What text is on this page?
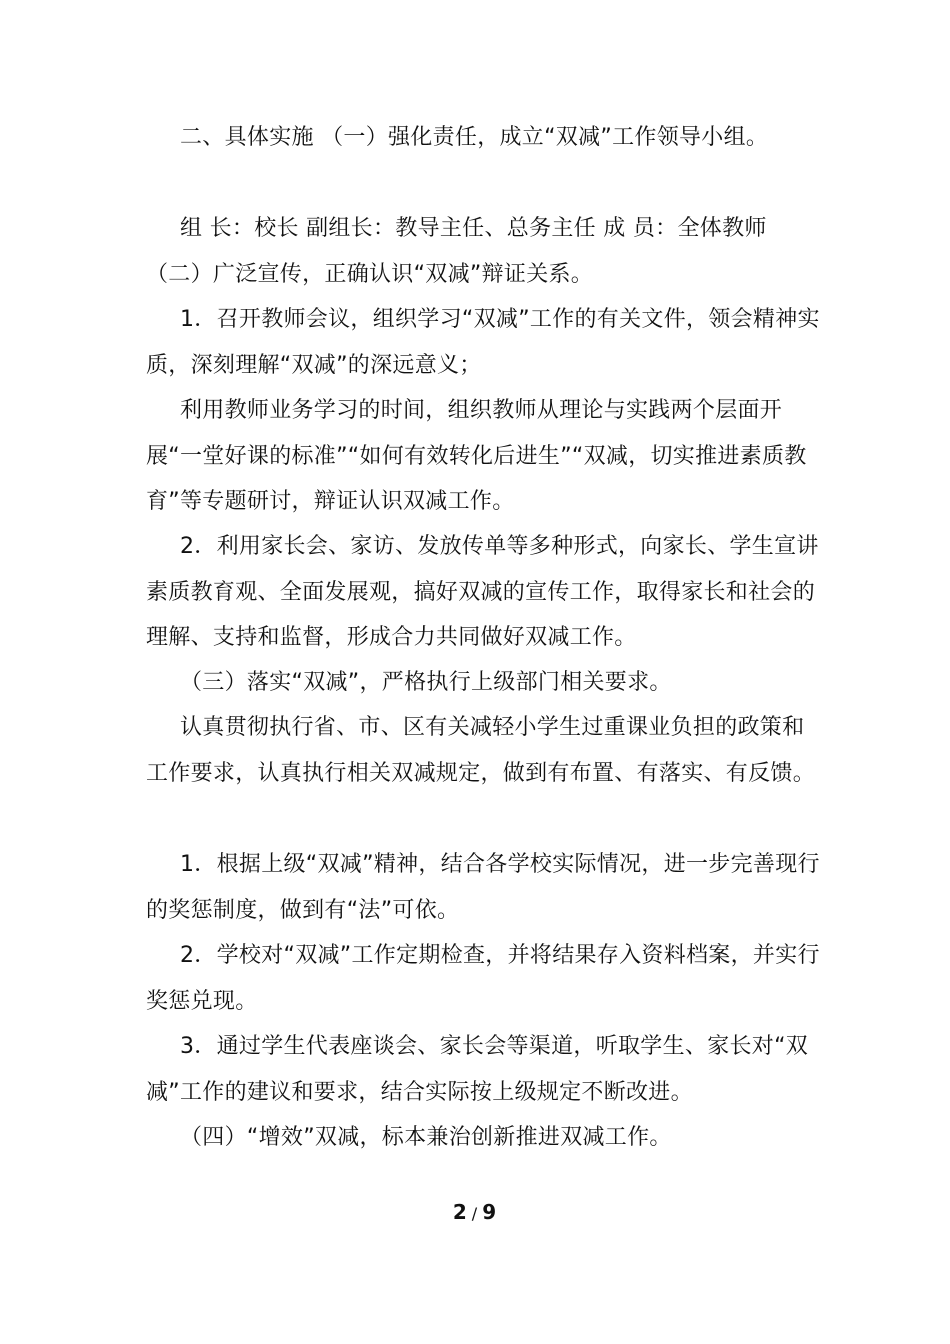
二、具体实施 （一）强化责任，成立“双减”工作领导小组。

组 长：校长 副组长：教导主任、总务主任 成 员：全体教师 （二）广泛宣传，正确认识“双减”辩证关系。

1．召开教师会议，组织学习“双减”工作的有关文件，领会精神实质，深刻理解“双减”的深远意义；

利用教师业务学习的时间，组织教师从理论与实践两个层面开展“一堂好课的标准”“如何有效转化后进生”“双减，切实推进素质教育”等专题研讨，辩证认识双减工作。

2．利用家长会、家访、发放传单等多种形式，向家长、学生宣讲素质教育观、全面发展观，搞好双减的宣传工作，取得家长和社会的理解、支持和监督，形成合力共同做好双减工作。

（三）落实“双减”，严格执行上级部门相关要求。

认真贯彻执行省、市、区有关减轻小学生过重课业负担的政策和工作要求，认真执行相关双减规定，做到有布置、有落实、有反馈。

1．根据上级“双减”精神，结合各学校实际情况，进一步完善现行的奖惩制度，做到有“法”可依。

2．学校对“双减”工作定期检查，并将结果存入资料档案，并实行奖惩兑现。

3．通过学生代表座谈会、家长会等渠道，听取学生、家长对“双减”工作的建议和要求，结合实际按上级规定不断改进。

（四）“增效”双减，标本兼治创新推进双减工作。

2 / 9
